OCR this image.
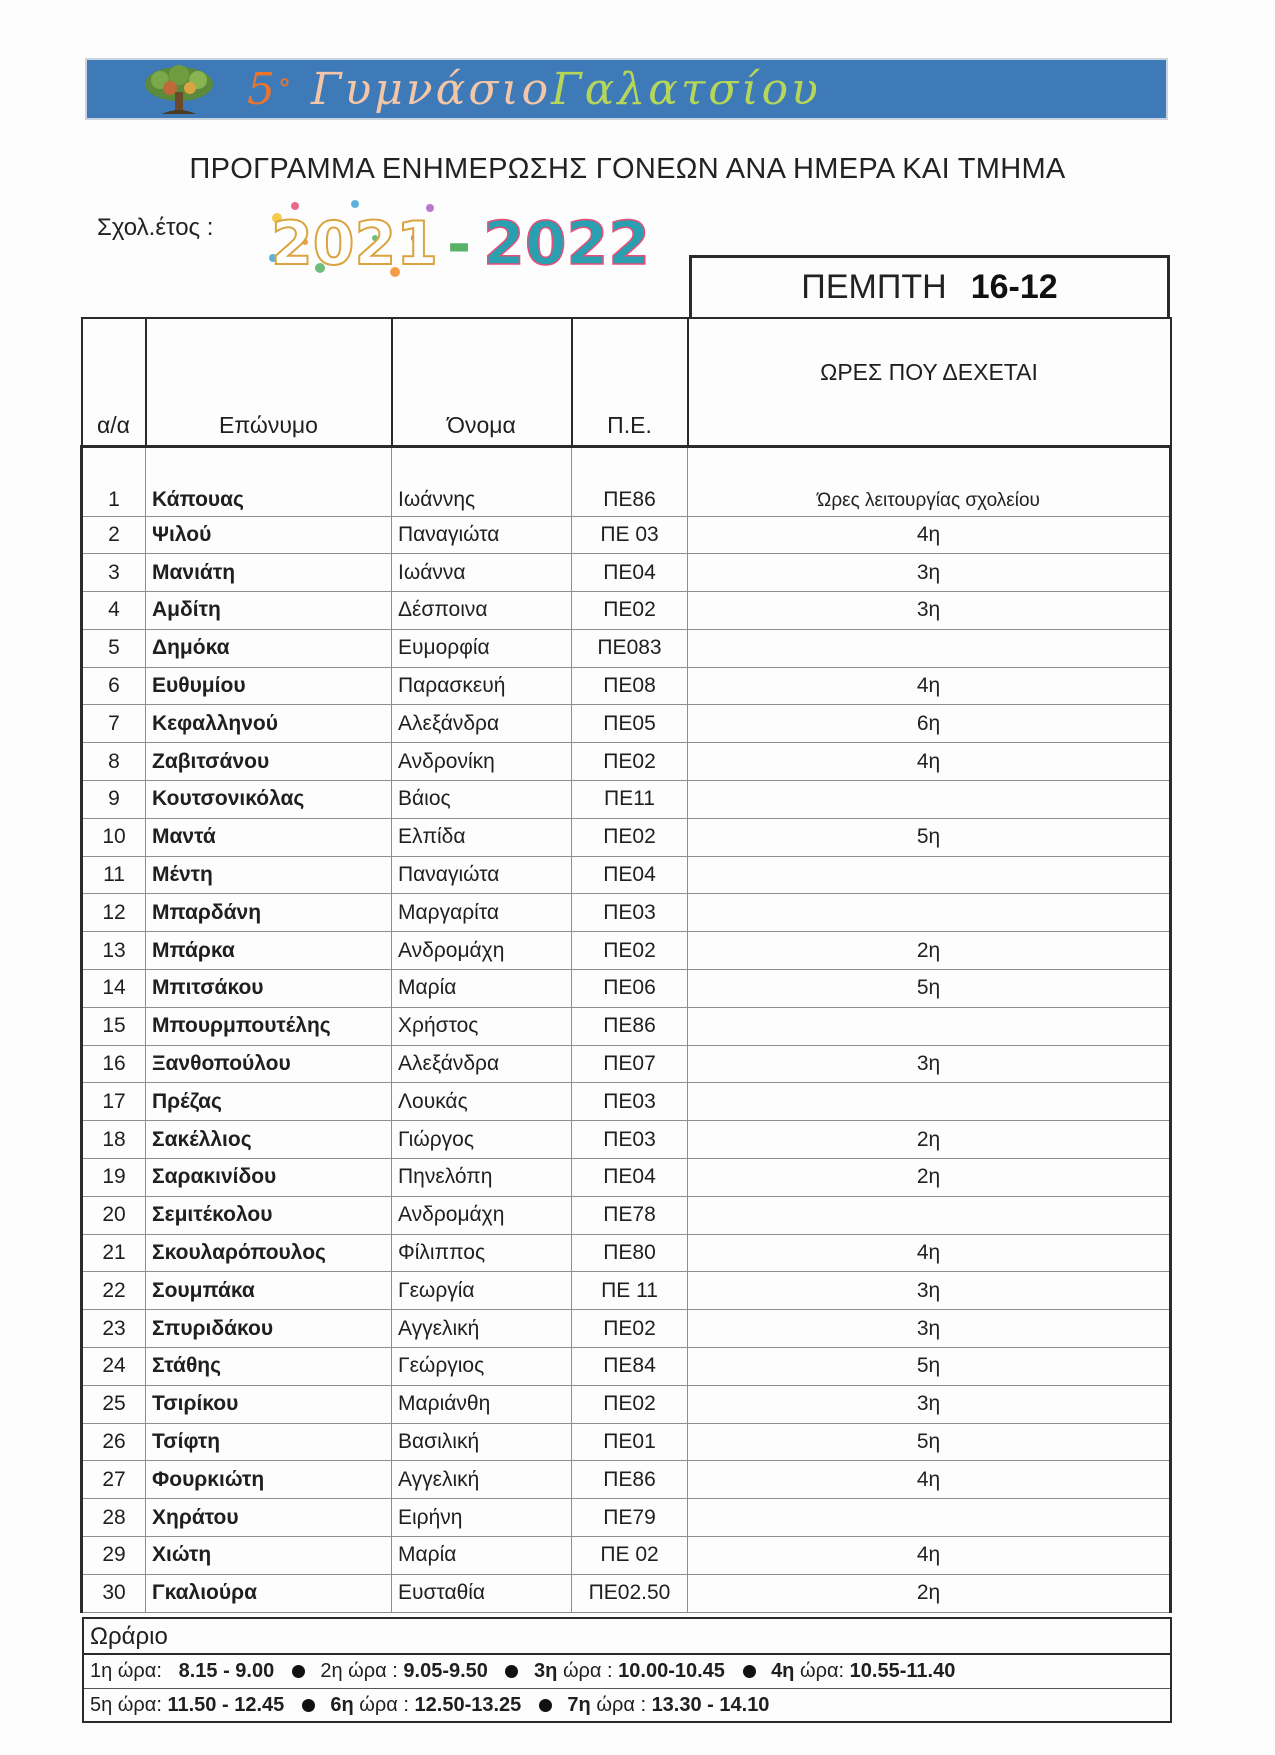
5° ΓυμνάσιοΓαλατσίου
ΠΡΟΓΡΑΜΜΑ ΕΝΗΜΕΡΩΣΗΣ ΓΟΝΕΩΝ ΑΝΑ ΗΜΕΡΑ ΚΑΙ ΤΜΗΜΑ
Σχολ.έτος : 2021 - 2022
ΠΕΜΠΤΗ 16-12
α/α	Επώνυμο	Όνομα	Π.Ε.	ΩΡΕΣ ΠΟΥ ΔΕΧΕΤΑΙ
1	Κάπουας	Ιωάννης	ΠΕ86	Ώρες λειτουργίας σχολείου
2	Ψιλού	Παναγιώτα	ΠΕ 03	4η
3	Μανιάτη	Ιωάννα	ΠΕ04	3η
4	Αμδίτη	Δέσποινα	ΠΕ02	3η
5	Δημόκα	Ευμορφία	ΠΕ083	
6	Ευθυμίου	Παρασκευή	ΠΕ08	4η
7	Κεφαλληνού	Αλεξάνδρα	ΠΕ05	6η
8	Ζαβιτσάνου	Ανδρονίκη	ΠΕ02	4η
9	Κουτσονικόλας	Βάιος	ΠΕ11	
10	Μαντά	Ελπίδα	ΠΕ02	5η
11	Μέντη	Παναγιώτα	ΠΕ04	
12	Μπαρδάνη	Μαργαρίτα	ΠΕ03	
13	Μπάρκα	Ανδρομάχη	ΠΕ02	2η
14	Μπιτσάκου	Μαρία	ΠΕ06	5η
15	Μπουρμπουτέλης	Χρήστος	ΠΕ86	
16	Ξανθοπούλου	Αλεξάνδρα	ΠΕ07	3η
17	Πρέζας	Λουκάς	ΠΕ03	
18	Σακέλλιος	Γιώργος	ΠΕ03	2η
19	Σαρακινίδου	Πηνελόπη	ΠΕ04	2η
20	Σεμιτέκολου	Ανδρομάχη	ΠΕ78	
21	Σκουλαρόπουλος	Φίλιππος	ΠΕ80	4η
22	Σουμπάκα	Γεωργία	ΠΕ 11	3η
23	Σπυριδάκου	Αγγελική	ΠΕ02	3η
24	Στάθης	Γεώργιος	ΠΕ84	5η
25	Τσιρίκου	Μαριάνθη	ΠΕ02	3η
26	Τσίφτη	Βασιλική	ΠΕ01	5η
27	Φουρκιώτη	Αγγελική	ΠΕ86	4η
28	Χηράτου	Ειρήνη	ΠΕ79	
29	Χιώτη	Μαρία	ΠΕ 02	4η
30	Γκαλιούρα	Ευσταθία	ΠΕ02.50	2η
Ωράριο
1η ώρα: 8.15 - 9.00 2η ώρα : 9.05-9.50 3η ώρα : 10.00-10.45 4η ώρα: 10.55-11.40
5η ώρα: 11.50 - 12.45 6η ώρα : 12.50-13.25 7η ώρα : 13.30 - 14.10
